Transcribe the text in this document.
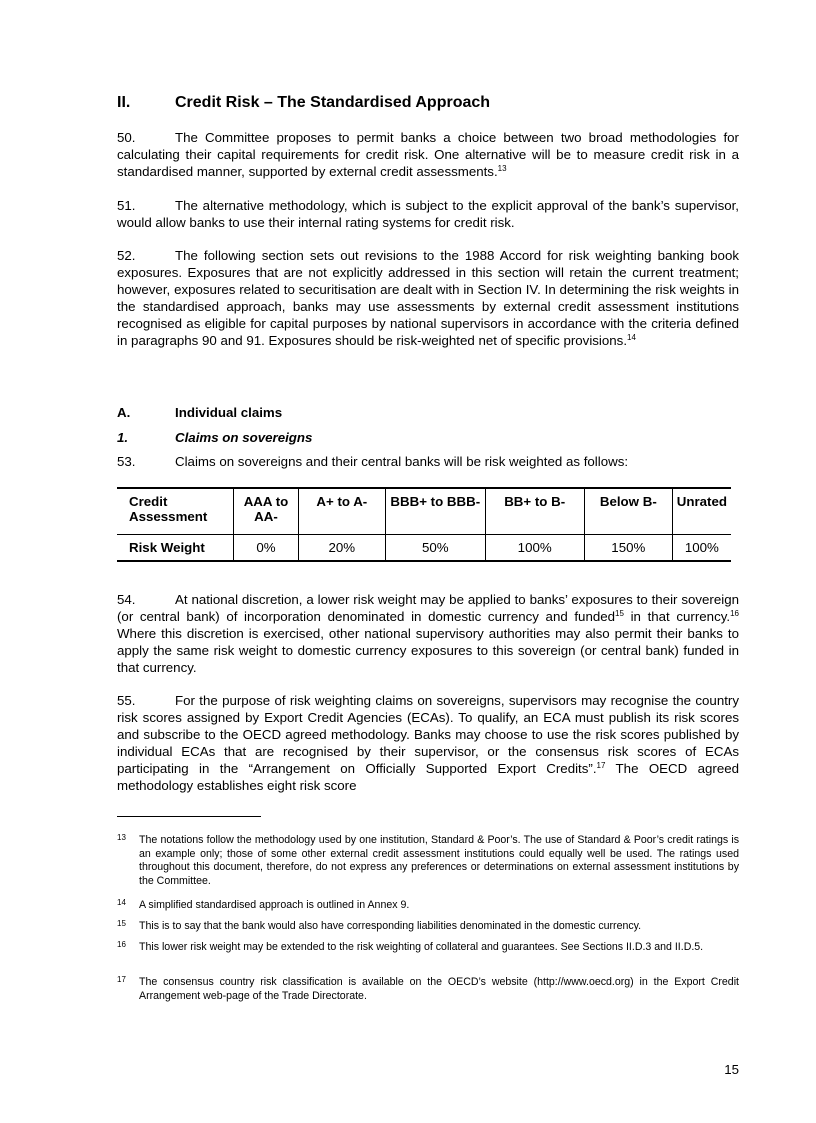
II.	Credit Risk – The Standardised Approach

50.	The Committee proposes to permit banks a choice between two broad methodologies for calculating their capital requirements for credit risk. One alternative will be to measure credit risk in a standardised manner, supported by external credit assessments.$^{13}$

51.	The alternative methodology, which is subject to the explicit approval of the bank’s supervisor, would allow banks to use their internal rating systems for credit risk.

52.	The following section sets out revisions to the 1988 Accord for risk weighting banking book exposures. Exposures that are not explicitly addressed in this section will retain the current treatment; however, exposures related to securitisation are dealt with in Section IV. In determining the risk weights in the standardised approach, banks may use assessments by external credit assessment institutions recognised as eligible for capital purposes by national supervisors in accordance with the criteria defined in paragraphs 90 and 91. Exposures should be risk-weighted net of specific provisions.$^{14}$

A.	Individual claims
1.	Claims on sovereigns
53.	Claims on sovereigns and their central banks will be risk weighted as follows:
Credit Assessment	AAA to AA-	A+ to A-	BBB+ to BBB-	BB+ to B-	Below B-	Unrated
Risk Weight	0%	20%	50%	100%	150%	100%

54.	At national discretion, a lower risk weight may be applied to banks’ exposures to their sovereign (or central bank) of incorporation denominated in domestic currency and funded$^{15}$ in that currency.$^{16}$ Where this discretion is exercised, other national supervisory authorities may also permit their banks to apply the same risk weight to domestic currency exposures to this sovereign (or central bank) funded in that currency.

55.	For the purpose of risk weighting claims on sovereigns, supervisors may recognise the country risk scores assigned by Export Credit Agencies (ECAs). To qualify, an ECA must publish its risk scores and subscribe to the OECD agreed methodology. Banks may choose to use the risk scores published by individual ECAs that are recognised by their supervisor, or the consensus risk scores of ECAs participating in the “Arrangement on Officially Supported Export Credits”.$^{17}$ The OECD agreed methodology establishes eight risk score

13 The notations follow the methodology used by one institution, Standard & Poor’s. The use of Standard & Poor’s credit ratings is an example only; those of some other external credit assessment institutions could equally well be used. The ratings used throughout this document, therefore, do not express any preferences or determinations on external assessment institutions by the Committee.
14 A simplified standardised approach is outlined in Annex 9.
15 This is to say that the bank would also have corresponding liabilities denominated in the domestic currency.
16 This lower risk weight may be extended to the risk weighting of collateral and guarantees. See Sections II.D.3 and II.D.5.
17 The consensus country risk classification is available on the OECD’s website (http://www.oecd.org) in the Export Credit Arrangement web-page of the Trade Directorate.
15
